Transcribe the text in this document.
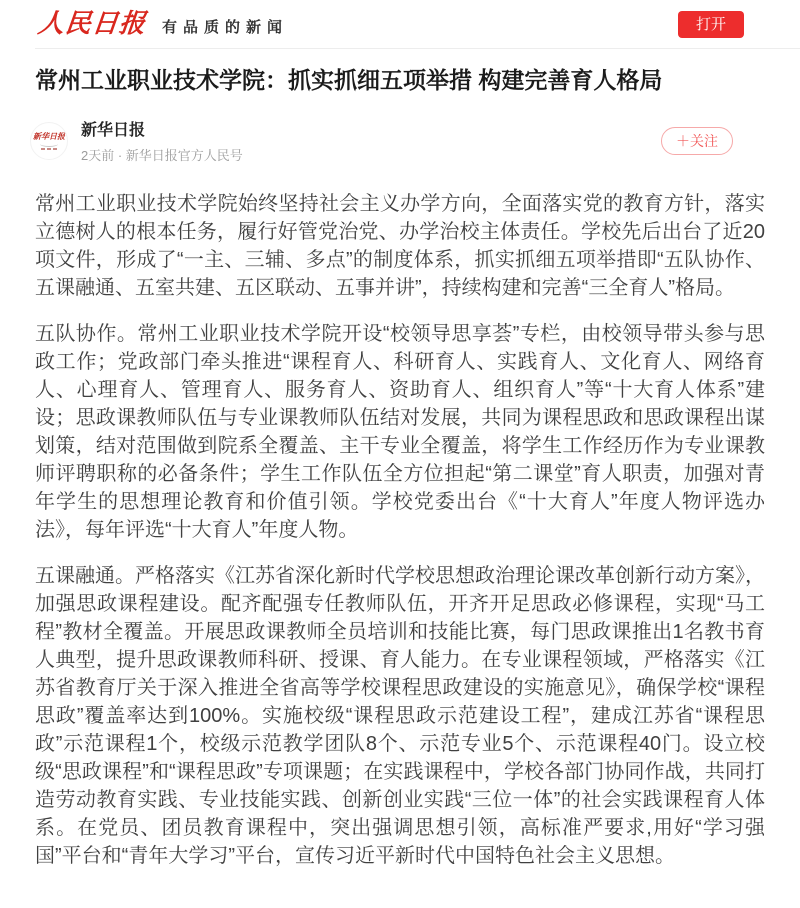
人民日报 有品质的新闻	打开
常州工业职业技术学院：抓实抓细五项举措 构建完善育人格局
新华日报 新华日报
2天前 · 新华日报官方人民号
＋关注

常州工业职业技术学院始终坚持社会主义办学方向，全面落实党的教育方针，落实立德树人的根本任务，履行好管党治党、办学治校主体责任。学校先后出台了近20项文件，形成了“一主、三辅、多点”的制度体系，抓实抓细五项举措即“五队协作、五课融通、五室共建、五区联动、五事并讲”，持续构建和完善“三全育人”格局。

五队协作。常州工业职业技术学院开设“校领导思享荟”专栏，由校领导带头参与思政工作；党政部门牵头推进“课程育人、科研育人、实践育人、文化育人、网络育人、心理育人、管理育人、服务育人、资助育人、组织育人”等“十大育人体系”建设；思政课教师队伍与专业课教师队伍结对发展，共同为课程思政和思政课程出谋划策，结对范围做到院系全覆盖、主干专业全覆盖，将学生工作经历作为专业课教师评聘职称的必备条件；学生工作队伍全方位担起“第二课堂”育人职责，加强对青年学生的思想理论教育和价值引领。学校党委出台《“十大育人”年度人物评选办法》，每年评选“十大育人”年度人物。

五课融通。严格落实《江苏省深化新时代学校思想政治理论课改革创新行动方案》，加强思政课程建设。配齐配强专任教师队伍，开齐开足思政必修课程，实现“马工程”教材全覆盖。开展思政课教师全员培训和技能比赛，每门思政课推出1名教书育人典型，提升思政课教师科研、授课、育人能力。在专业课程领域，严格落实《江苏省教育厅关于深入推进全省高等学校课程思政建设的实施意见》，确保学校“课程思政”覆盖率达到100%。实施校级“课程思政示范建设工程”，建成江苏省“课程思政”示范课程1个，校级示范教学团队8个、示范专业5个、示范课程40门。设立校级“思政课程”和“课程思政”专项课题；在实践课程中，学校各部门协同作战，共同打造劳动教育实践、专业技能实践、创新创业实践“三位一体”的社会实践课程育人体系。在党员、团员教育课程中，突出强调思想引领，高标准严要求,用好“学习强国”平台和“青年大学习”平台，宣传习近平新时代中国特色社会主义思想。
